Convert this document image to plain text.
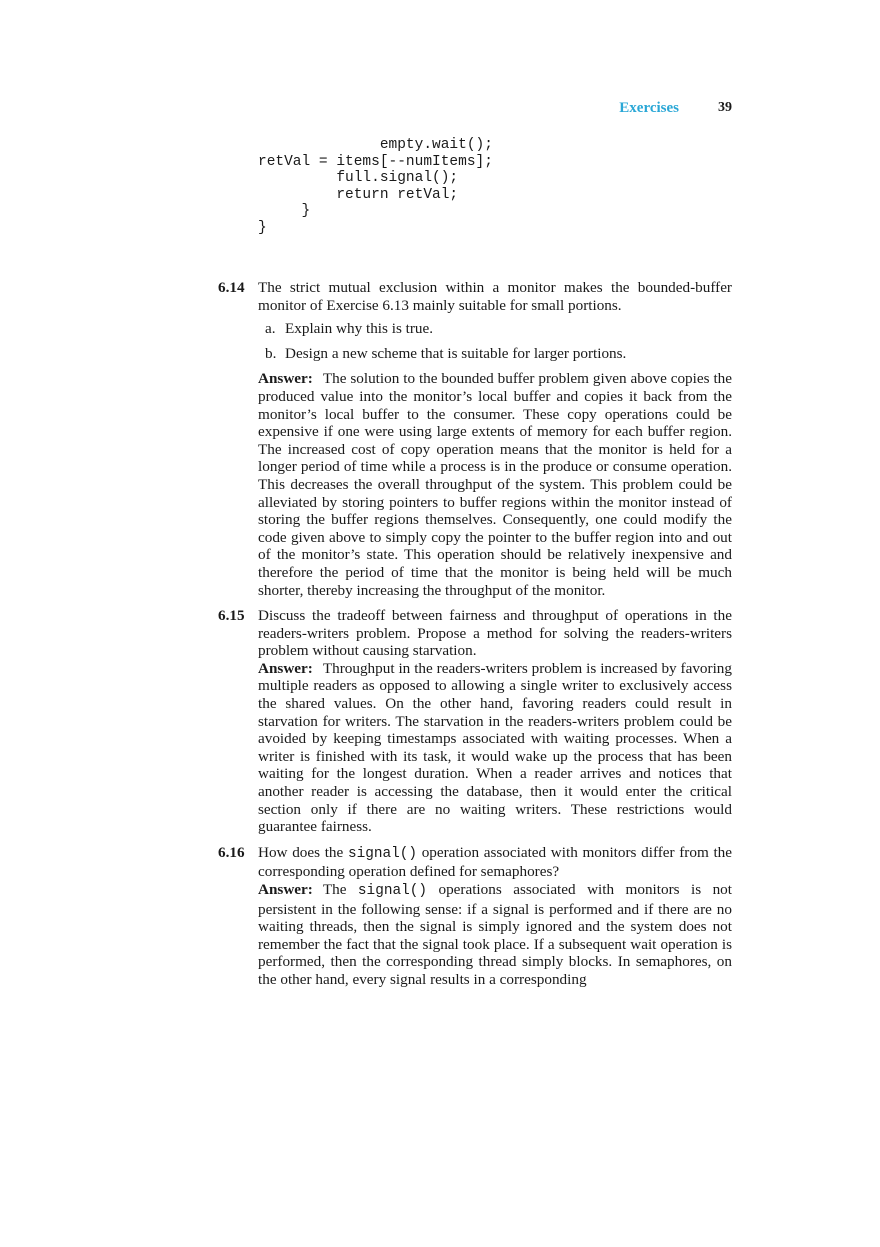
Exercises	39
empty.wait();
retVal = items[--numItems];
full.signal();
return retVal;
}
}
6.14 The strict mutual exclusion within a monitor makes the bounded-buffer monitor of Exercise 6.13 mainly suitable for small portions.
a. Explain why this is true.
b. Design a new scheme that is suitable for larger portions.
Answer: The solution to the bounded buffer problem given above copies the produced value into the monitor’s local buffer and copies it back from the monitor’s local buffer to the consumer. These copy operations could be expensive if one were using large extents of memory for each buffer region. The increased cost of copy operation means that the monitor is held for a longer period of time while a process is in the produce or consume operation. This decreases the overall throughput of the system. This problem could be alleviated by storing pointers to buffer regions within the monitor instead of storing the buffer regions themselves. Consequently, one could modify the code given above to simply copy the pointer to the buffer region into and out of the monitor’s state. This operation should be relatively inexpensive and therefore the period of time that the monitor is being held will be much shorter, thereby increasing the throughput of the monitor.
6.15 Discuss the tradeoff between fairness and throughput of operations in the readers-writers problem. Propose a method for solving the readers-writers problem without causing starvation.
Answer: Throughput in the readers-writers problem is increased by favoring multiple readers as opposed to allowing a single writer to exclusively access the shared values. On the other hand, favoring readers could result in starvation for writers. The starvation in the readers-writers problem could be avoided by keeping timestamps associated with waiting processes. When a writer is finished with its task, it would wake up the process that has been waiting for the longest duration. When a reader arrives and notices that another reader is accessing the database, then it would enter the critical section only if there are no waiting writers. These restrictions would guarantee fairness.
6.16 How does the signal() operation associated with monitors differ from the corresponding operation defined for semaphores?
Answer: The signal() operations associated with monitors is not persistent in the following sense: if a signal is performed and if there are no waiting threads, then the signal is simply ignored and the system does not remember the fact that the signal took place. If a subsequent wait operation is performed, then the corresponding thread simply blocks. In semaphores, on the other hand, every signal results in a corresponding
